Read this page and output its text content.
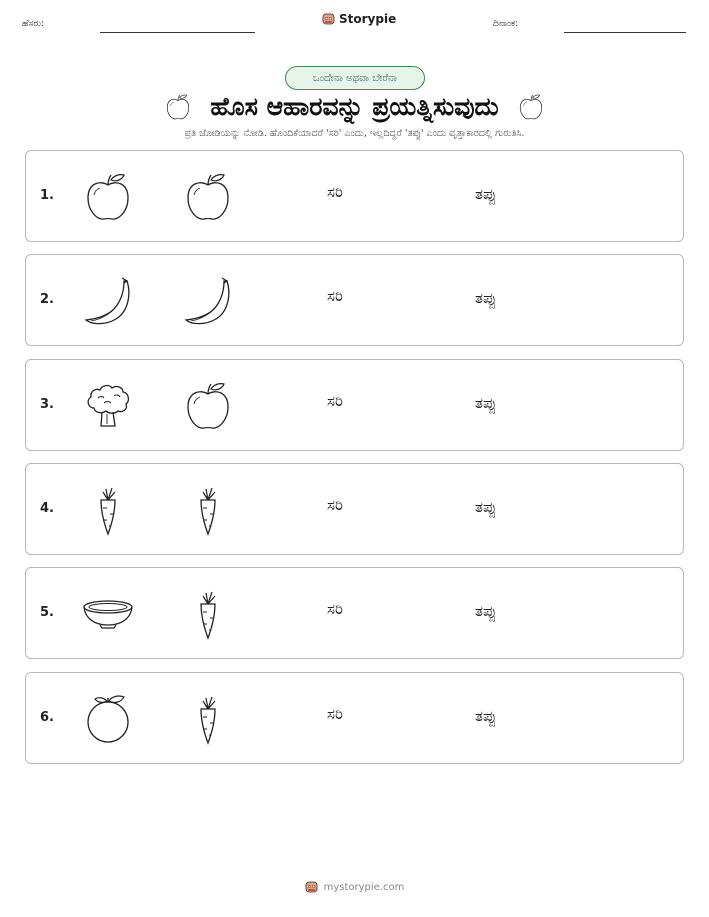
ಹೆಸರು:	Storypie	ದಿನಾಂಕ:
ಒಂದೇನಾ ಅಥವಾ ಬೇರೆನಾ
ಹೊಸ ಆಹಾರವನ್ನು ಪ್ರಯತ್ನಿಸುವುದು
ಪ್ರತಿ ಜೋಡಿಯನ್ನು ನೋಡಿ. ಹೊಂದಿಕೆಯಾದರೆ 'ಸರಿ' ಎಂದು, ಇಲ್ಲದಿದ್ದರೆ 'ತಪ್ಪು' ಎಂದು ವೃತ್ತಾಕಾರದಲ್ಲಿ ಗುರುತಿಸಿ.
1.	ಸರಿ	ತಪ್ಪು
2.	ಸರಿ	ತಪ್ಪು
3.	ಸರಿ	ತಪ್ಪು
4.	ಸರಿ	ತಪ್ಪು
5.	ಸರಿ	ತಪ್ಪು
6.	ಸರಿ	ತಪ್ಪು
mystorypie.com
